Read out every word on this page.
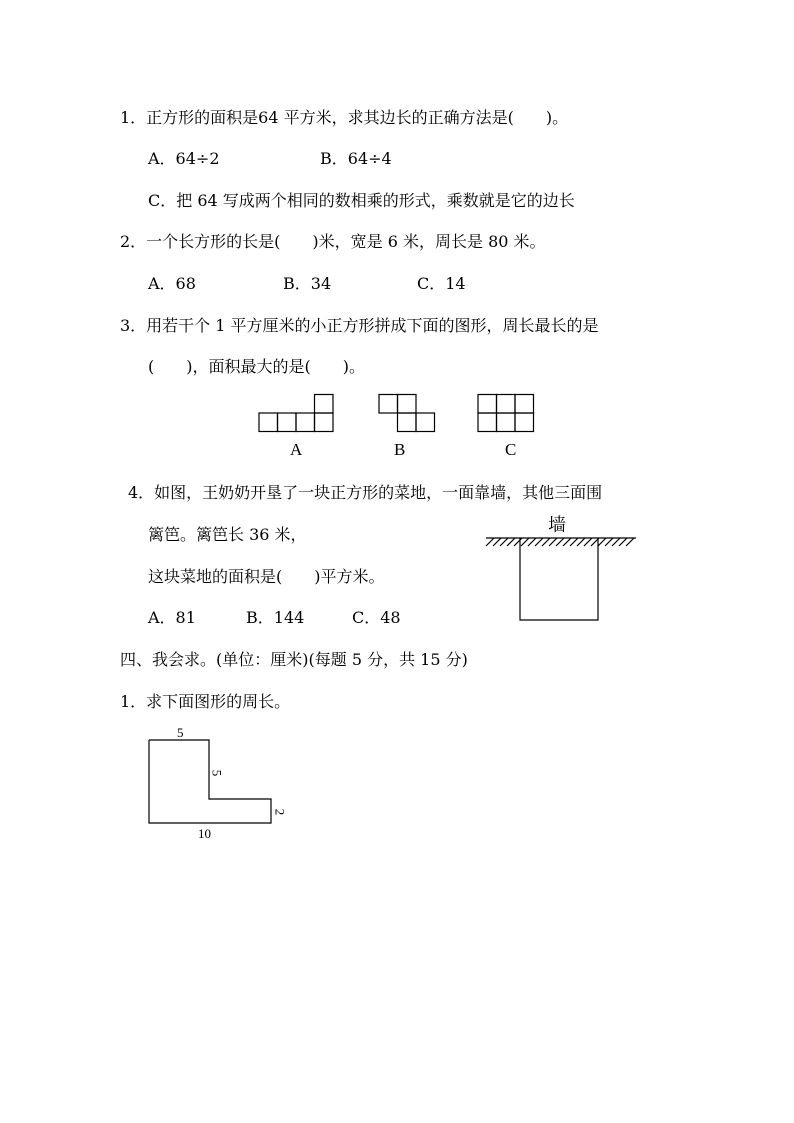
1．正方形的面积是64 平方米，求其边长的正确方法是(　　)。
A．64÷2	B．64÷4
C．把 64 写成两个相同的数相乘的形式，乘数就是它的边长
2．一个长方形的长是(　　)米，宽是 6 米，周长是 80 米。
A．68	B．34	C．14
3．用若干个 1 平方厘米的小正方形拼成下面的图形，周长最长的是
(　　)，面积最大的是(　　)。
A	B	C
4．如图，王奶奶开垦了一块正方形的菜地，一面靠墙，其他三面围
篱笆。篱笆长 36 米，
这块菜地的面积是(　　)平方米。
A．81	B．144	C．48
墙
四、我会求。(单位：厘米)(每题 5 分，共 15 分)
1．求下面图形的周长。
5
5
2
10
